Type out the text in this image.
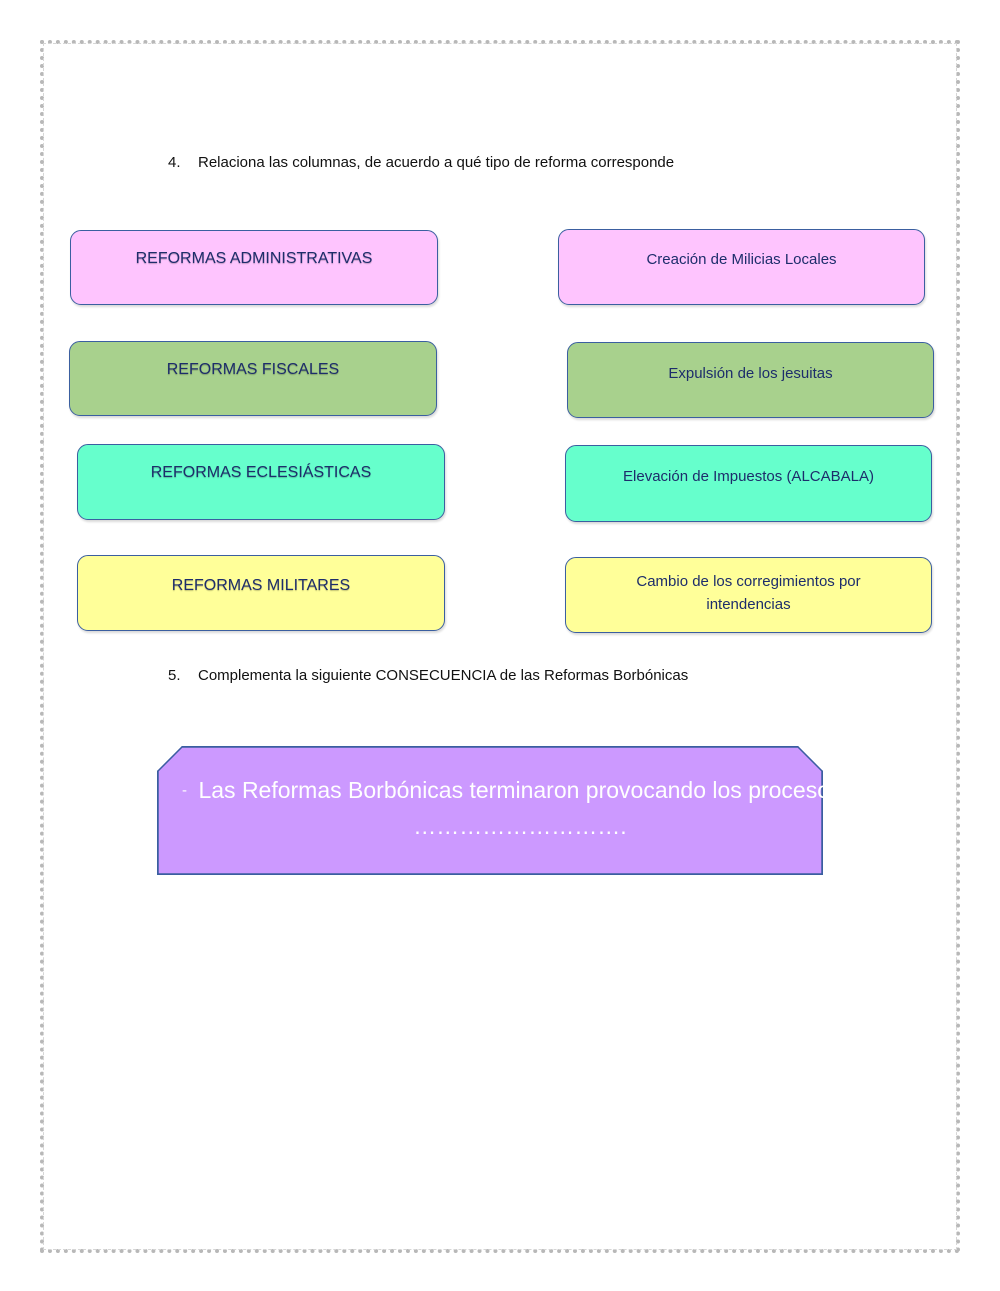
4. Relaciona las columnas, de acuerdo a qué tipo de reforma corresponde
REFORMAS ADMINISTRATIVAS
REFORMAS FISCALES
REFORMAS ECLESIÁSTICAS
REFORMAS MILITARES
Creación de Milicias Locales
Expulsión de los jesuitas
Elevación de Impuestos (ALCABALA)
Cambio de los corregimientos por intendencias
5. Complementa la siguiente CONSECUENCIA de las Reformas Borbónicas
- Las Reformas Borbónicas terminaron provocando los procesos ……………………….
